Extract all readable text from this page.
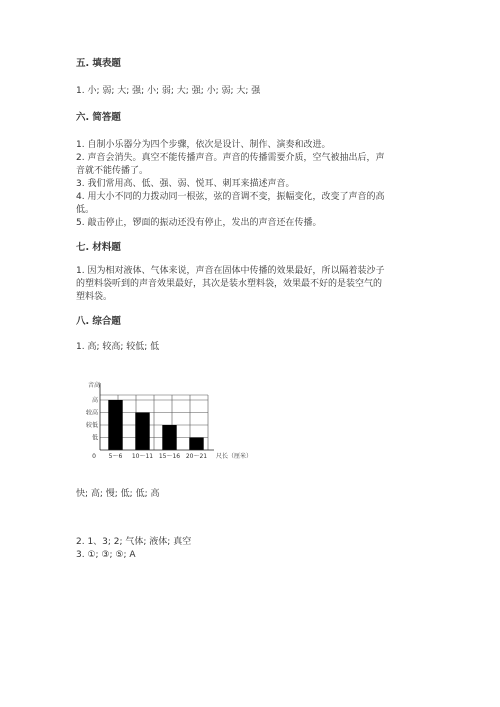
五. 填表题
1. 小; 弱; 大; 强; 小; 弱; 大; 强; 小; 弱; 大; 强
六. 简答题
1. 自制小乐器分为四个步骤，依次是设计、制作、演奏和改进。
2. 声音会消失。真空不能传播声音。声音的传播需要介质，空气被抽出后，声
音就不能传播了。
3. 我们常用高、低、强、弱、悦耳、刺耳来描述声音。
4. 用大小不同的力拨动同一根弦，弦的音调不变，振幅变化，改变了声音的高
低。
5. 敲击停止，锣面的振动还没有停止，发出的声音还在传播。
七. 材料题
1. 因为相对液体、气体来说，声音在固体中传播的效果最好，所以隔着装沙子
的塑料袋听到的声音效果最好，其次是装水塑料袋，效果最不好的是装空气的
塑料袋。
八. 综合题
1. 高; 较高; 较低; 低
音高
尺长（厘米）
0 5～6 10～11 15～16 20～21
低
较低
较高
高
快; 高; 慢; 低; 低; 高
2. 1、3; 2; 气体; 液体; 真空
3. ①; ③; ⑤; A
